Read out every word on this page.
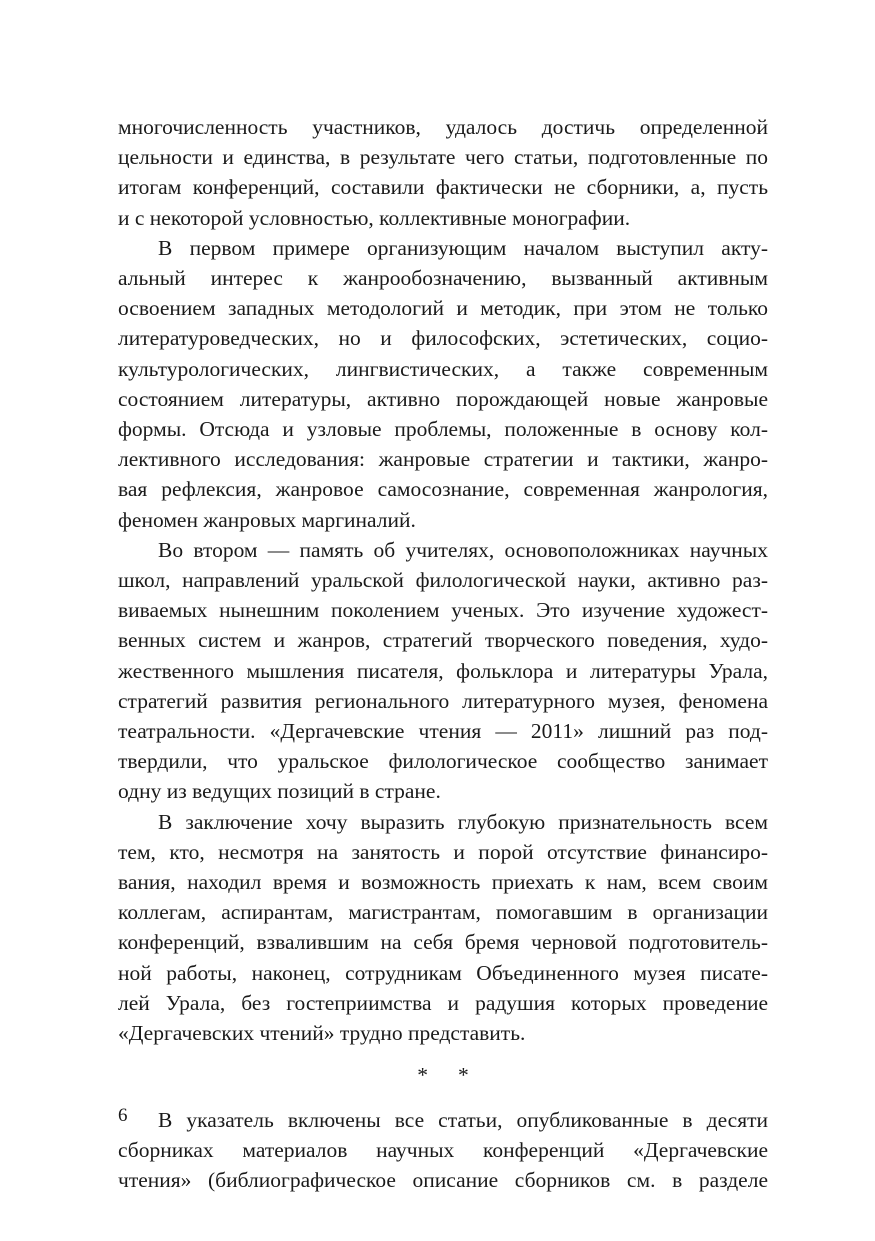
многочисленность участников, удалось достичь определенной
цельности и единства, в результате чего статьи, подготовленные по
итогам конференций, составили фактически не сборники, а, пусть
и с некоторой условностью, коллективные монографии.

В первом примере организующим началом выступил акту-
альный интерес к жанрообозначению, вызванный активным
освоением западных методологий и методик, при этом не только
литературоведческих, но и философских, эстетических, социо-
культурологических, лингвистических, а также современным
состоянием литературы, активно порождающей новые жанровые
формы. Отсюда и узловые проблемы, положенные в основу кол-
лективного исследования: жанровые стратегии и тактики, жанро-
вая рефлексия, жанровое самосознание, современная жанрология,
феномен жанровых маргиналий.

Во втором — память об учителях, основоположниках научных
школ, направлений уральской филологической науки, активно раз-
виваемых нынешним поколением ученых. Это изучение художест-
венных систем и жанров, стратегий творческого поведения, худо-
жественного мышления писателя, фольклора и литературы Урала,
стратегий развития регионального литературного музея, феномена
театральности. «Дергачевские чтения — 2011» лишний раз под-
твердили, что уральское филологическое сообщество занимает
одну из ведущих позиций в стране.

В заключение хочу выразить глубокую признательность всем
тем, кто, несмотря на занятость и порой отсутствие финансиро-
вания, находил время и возможность приехать к нам, всем своим
коллегам, аспирантам, магистрантам, помогавшим в организации
конференций, взвалившим на себя бремя черновой подготовитель-
ной работы, наконец, сотрудникам Объединенного музея писате-
лей Урала, без гостеприимства и радушия которых проведение
«Дергачевских чтений» трудно представить.

* *

В указатель включены все статьи, опубликованные в десяти
сборниках материалов научных конференций «Дергачевские
чтения» (библиографическое описание сборников см. в разделе

6
